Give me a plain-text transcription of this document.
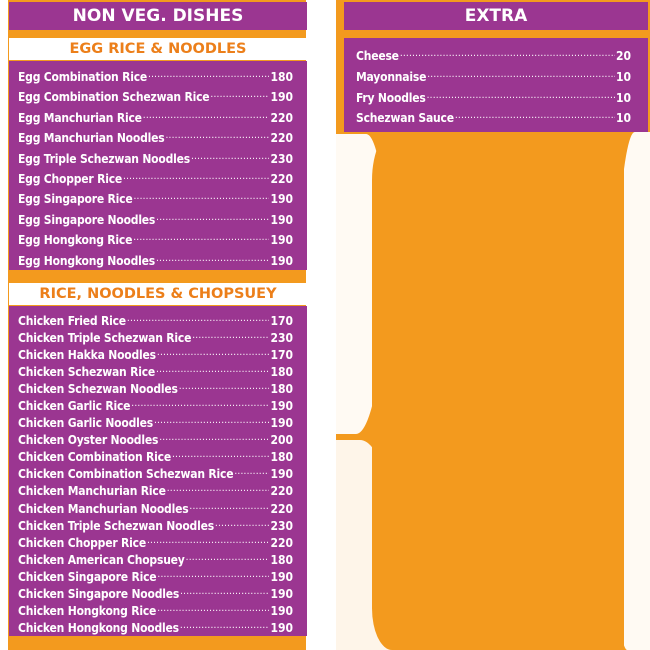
NON VEG. DISHES
EGG RICE & NOODLES
Egg Combination Rice .....	180
Egg Combination Schezwan Rice .....	190
Egg Manchurian Rice .....	220
Egg Manchurian Noodles .....	220
Egg Triple Schezwan Noodles .....	230
Egg Chopper Rice .....	220
Egg Singapore Rice .....	190
Egg Singapore Noodles .....	190
Egg Hongkong Rice .....	190
Egg Hongkong Noodles .....	190
RICE, NOODLES & CHOPSUEY
Chicken Fried Rice .....	170
Chicken Triple Schezwan Rice .....	230
Chicken Hakka Noodles .....	170
Chicken Schezwan Rice .....	180
Chicken Schezwan Noodles .....	180
Chicken Garlic Rice .....	190
Chicken Garlic Noodles .....	190
Chicken Oyster Noodles .....	200
Chicken Combination Rice .....	180
Chicken Combination Schezwan Rice .....	190
Chicken Manchurian Rice .....	220
Chicken Manchurian Noodles .....	220
Chicken Triple Schezwan Noodles .....	230
Chicken Chopper Rice .....	220
Chicken American Chopsuey .....	180
Chicken Singapore Rice .....	190
Chicken Singapore Noodles .....	190
Chicken Hongkong Rice .....	190
Chicken Hongkong Noodles .....	190
EXTRA
Cheese .....	20
Mayonnaise .....	10
Fry Noodles .....	10
Schezwan Sauce .....	10
